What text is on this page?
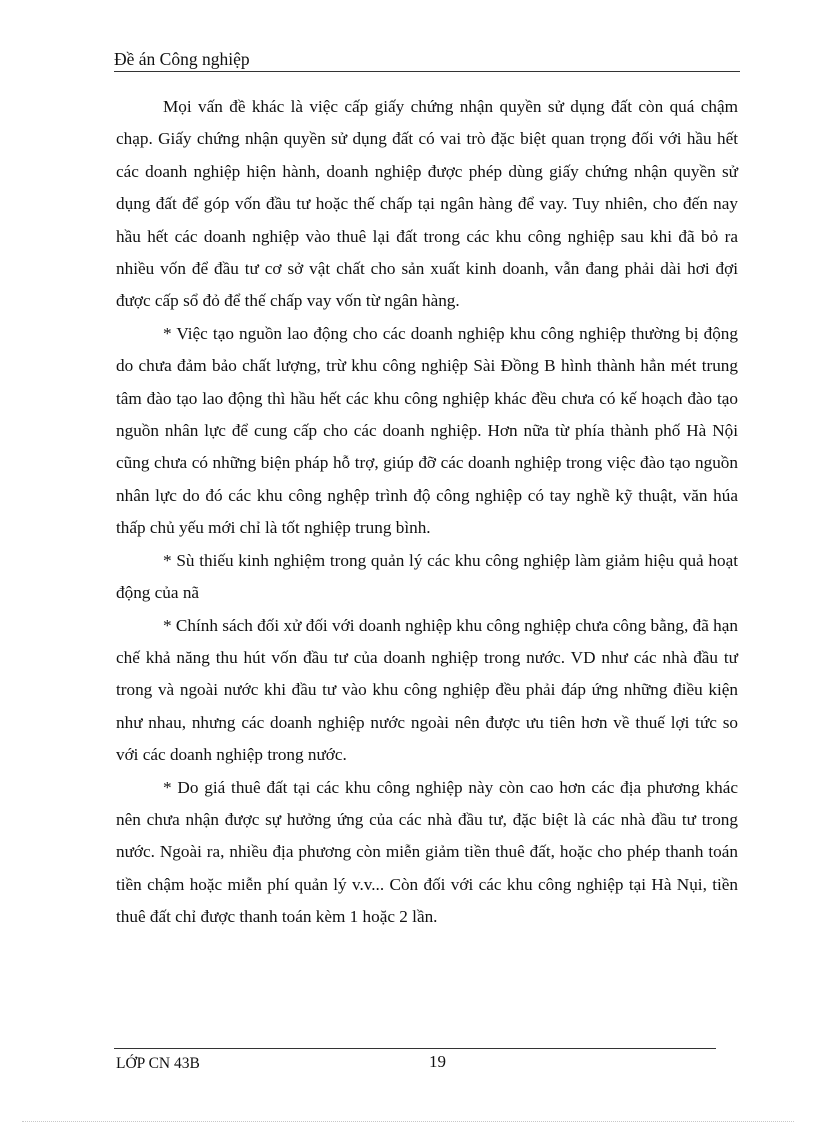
Đề án Công nghiệp

Mọi vấn đề khác là việc cấp giấy chứng nhận quyền sử dụng đất còn quá chậm chạp. Giấy chứng nhận quyền sử dụng đất có vai trò đặc biệt quan trọng đối với hầu hết các doanh nghiệp hiện hành, doanh nghiệp được phép dùng giấy chứng nhận quyền sử dụng đất để góp vốn đầu tư hoặc thế chấp tại ngân hàng để vay. Tuy nhiên, cho đến nay hầu hết các doanh nghiệp vào thuê lại đất trong các khu công nghiệp sau khi đã bỏ ra nhiều vốn để đầu tư cơ sở vật chất cho sản xuất kinh doanh, vẫn đang phải dài hơi đợi được cấp sổ đỏ để thế chấp vay vốn từ ngân hàng.

* Việc tạo nguồn lao động cho các doanh nghiệp khu công nghiệp thường bị động do chưa đảm bảo chất lượng, trừ khu công nghiệp Sài Đồng B hình thành hẳn mét trung tâm đào tạo lao động thì hầu hết các khu công nghiệp khác đều chưa có kế hoạch đào tạo nguồn nhân lực để cung cấp cho các doanh nghiệp. Hơn nữa từ phía thành phố Hà Nội cũng chưa có những biện pháp hỗ trợ, giúp đỡ các doanh nghiệp trong việc đào tạo nguồn nhân lực do đó các khu công nghệp trình độ công nghiệp có tay nghề kỹ thuật, văn húa thấp chủ yếu mới chỉ là tốt nghiệp trung bình.

* Sù thiếu kinh nghiệm trong quản lý các khu công nghiệp làm giảm hiệu quả hoạt động của nã

* Chính sách đối xử đối với doanh nghiệp khu công nghiệp chưa công bằng, đã hạn chế khả năng thu hút vốn đầu tư của doanh nghiệp trong nước. VD như các nhà đầu tư trong và ngoài nước khi đầu tư vào khu công nghiệp đều phải đáp ứng những điều kiện như nhau, nhưng các doanh nghiệp nước ngoài nên được ưu tiên hơn về thuế lợi tức so với các doanh nghiệp trong nước.

* Do giá thuê đất tại các khu công nghiệp này còn cao hơn các địa phương khác nên chưa nhận được sự hưởng ứng của các nhà đầu tư, đặc biệt là các nhà đầu tư trong nước. Ngoài ra, nhiều địa phương còn miễn giảm tiền thuê đất, hoặc cho phép thanh toán tiền chậm hoặc miễn phí quản lý v.v... Còn đối với các khu công nghiệp tại Hà Nụi, tiền thuê đất chỉ được thanh toán kèm 1 hoặc 2 lần.

LỚP CN 43B	19
